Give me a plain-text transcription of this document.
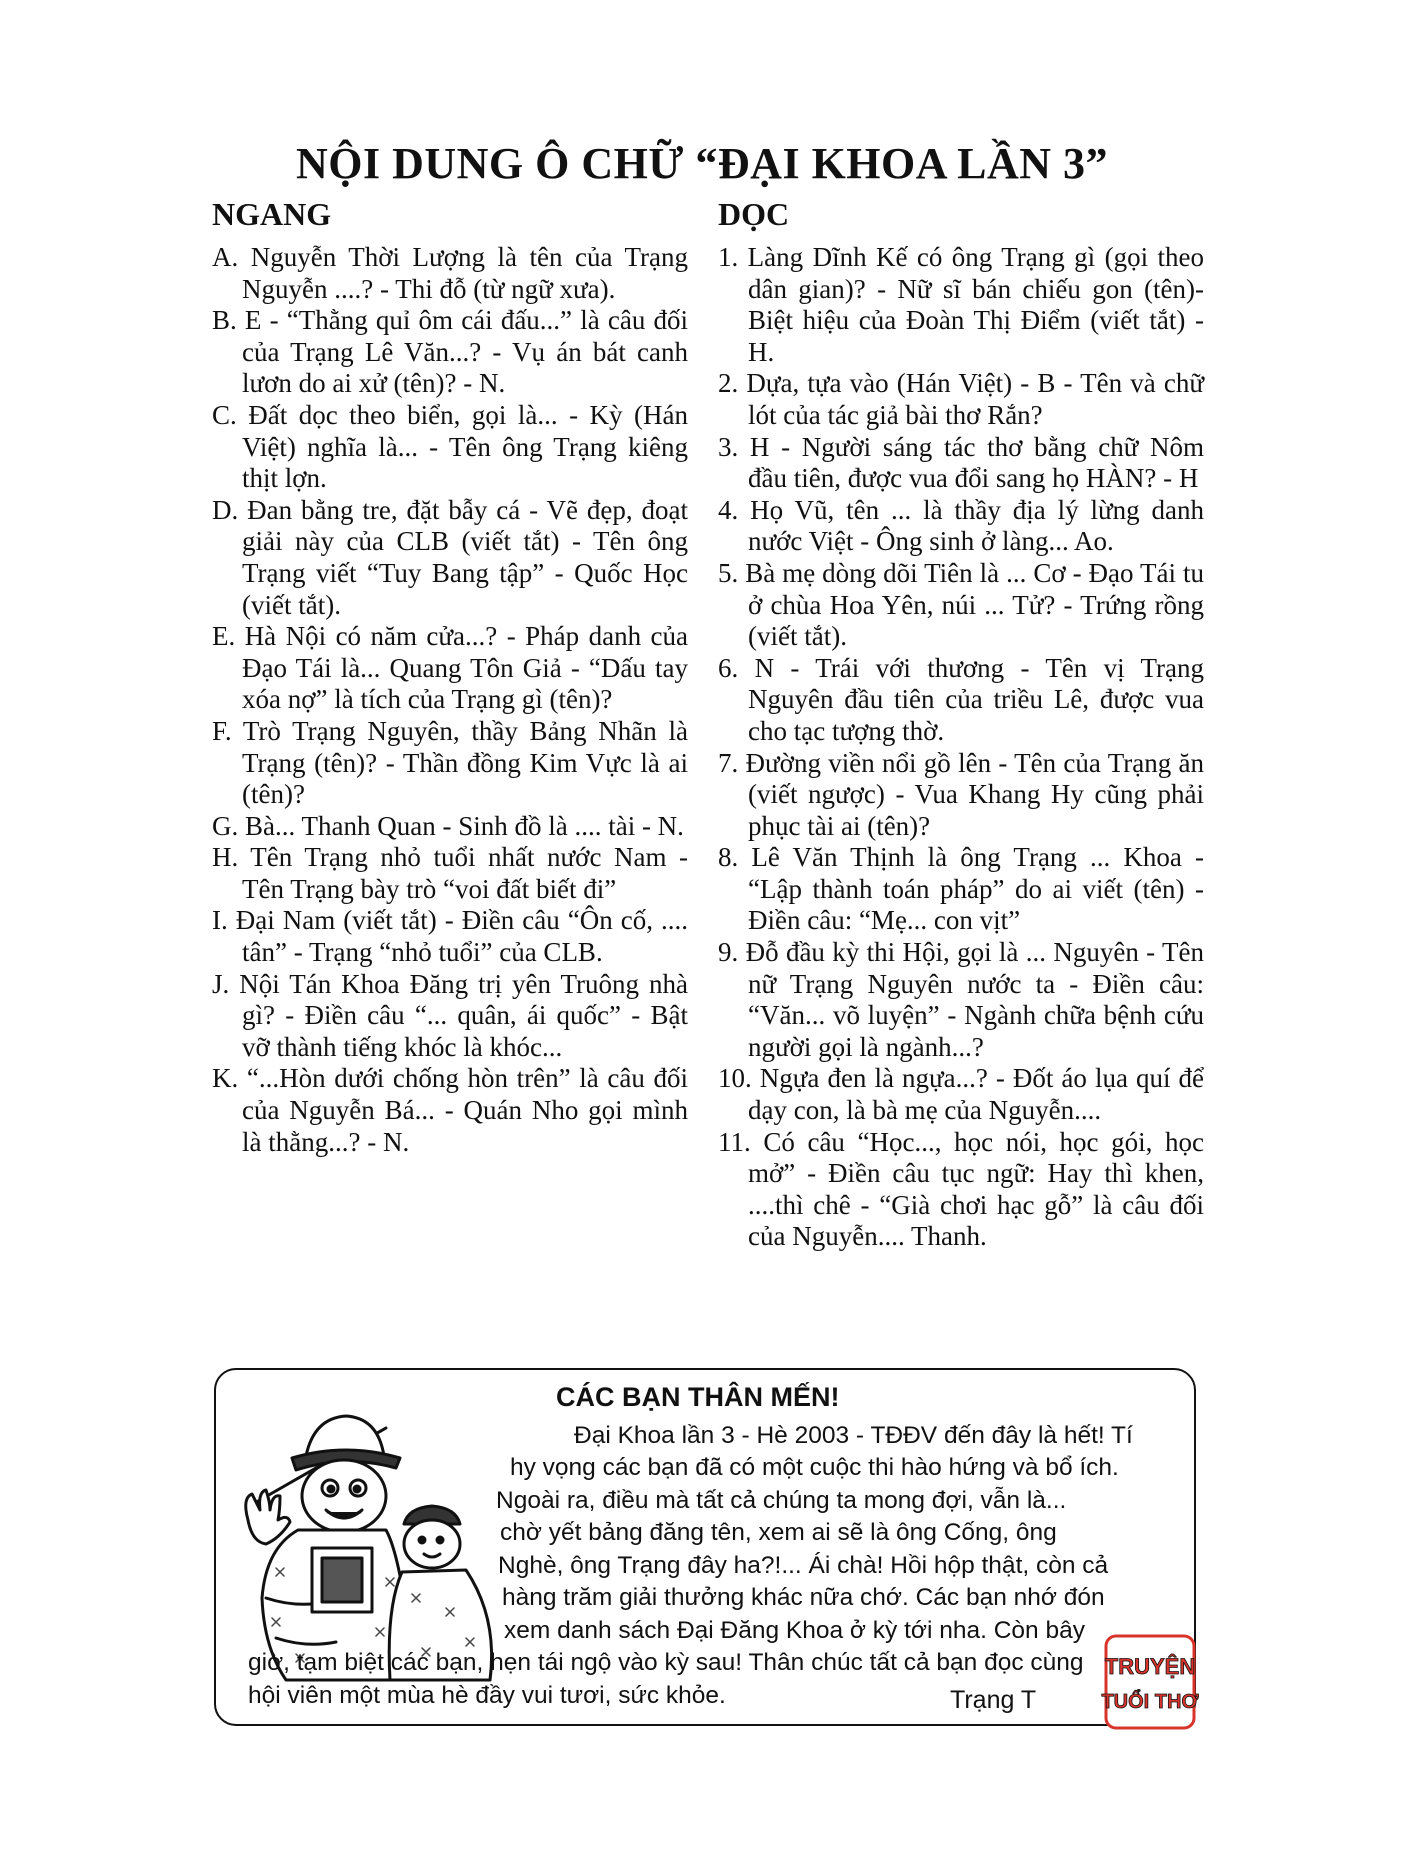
NỘI DUNG Ô CHỮ “ĐẠI KHOA LẦN 3”
NGANG	DỌC
A. Nguyễn Thời Lượng là tên của Trạng Nguyễn ....? - Thi đỗ (từ ngữ xưa).
B. E - “Thằng quỉ ôm cái đấu...” là câu đối của Trạng Lê Văn...? - Vụ án bát canh lươn do ai xử (tên)? - N.
C. Đất dọc theo biển, gọi là... - Kỳ (Hán Việt) nghĩa là... - Tên ông Trạng kiêng thịt lợn.
D. Đan bằng tre, đặt bẫy cá - Vẽ đẹp, đoạt giải này của CLB (viết tắt) - Tên ông Trạng viết “Tuy Bang tập” - Quốc Học (viết tắt).
E. Hà Nội có năm cửa...? - Pháp danh của Đạo Tái là... Quang Tôn Giả - “Dấu tay xóa nợ” là tích của Trạng gì (tên)?
F. Trò Trạng Nguyên, thầy Bảng Nhãn là Trạng (tên)? - Thần đồng Kim Vực là ai (tên)?
G. Bà... Thanh Quan - Sinh đồ là .... tài - N.
H. Tên Trạng nhỏ tuổi nhất nước Nam - Tên Trạng bày trò “voi đất biết đi”
I. Đại Nam (viết tắt) - Điền câu “Ôn cố, .... tân” - Trạng “nhỏ tuổi” của CLB.
J. Nội Tán Khoa Đăng trị yên Truông nhà gì? - Điền câu “... quân, ái quốc” - Bật vỡ thành tiếng khóc là khóc...
K. “...Hòn dưới chống hòn trên” là câu đối của Nguyễn Bá... - Quán Nho gọi mình là thằng...? - N.
1. Làng Dĩnh Kế có ông Trạng gì (gọi theo dân gian)? - Nữ sĩ bán chiếu gon (tên)- Biệt hiệu của Đoàn Thị Điểm (viết tắt) - H.
2. Dựa, tựa vào (Hán Việt) - B - Tên và chữ lót của tác giả bài thơ Rắn?
3. H - Người sáng tác thơ bằng chữ Nôm đầu tiên, được vua đổi sang họ HÀN? - H
4. Họ Vũ, tên ... là thầy địa lý lừng danh nước Việt - Ông sinh ở làng... Ao.
5. Bà mẹ dòng dõi Tiên là ... Cơ - Đạo Tái tu ở chùa Hoa Yên, núi ... Tử? - Trứng rồng (viết tắt).
6. N - Trái với thương - Tên vị Trạng Nguyên đầu tiên của triều Lê, được vua cho tạc tượng thờ.
7. Đường viền nổi gồ lên - Tên của Trạng ăn (viết ngược) - Vua Khang Hy cũng phải phục tài ai (tên)?
8. Lê Văn Thịnh là ông Trạng ... Khoa - “Lập thành toán pháp” do ai viết (tên) - Điền câu: “Mẹ... con vịt”
9. Đỗ đầu kỳ thi Hội, gọi là ... Nguyên - Tên nữ Trạng Nguyên nước ta - Điền câu: “Văn... võ luyện” - Ngành chữa bệnh cứu người gọi là ngành...?
10. Ngựa đen là ngựa...? - Đốt áo lụa quí để dạy con, là bà mẹ của Nguyễn....
11. Có câu “Học..., học nói, học gói, học mở” - Điền câu tục ngữ: Hay thì khen, ....thì chê - “Già chơi hạc gỗ” là câu đối của Nguyễn.... Thanh.
CÁC BẠN THÂN MẾN!
Đại Khoa lần 3 - Hè 2003 - TĐĐV đến đây là hết! Tí
hy vọng các bạn đã có một cuộc thi hào hứng và bổ ích.
Ngoài ra, điều mà tất cả chúng ta mong đợi, vẫn là...
chờ yết bảng đăng tên, xem ai sẽ là ông Cống, ông
Nghè, ông Trạng đây ha?!... Ái chà! Hồi hộp thật, còn cả
hàng trăm giải thưởng khác nữa chớ. Các bạn nhớ đón
xem danh sách Đại Đăng Khoa ở kỳ tới nha. Còn bây
giờ, tạm biệt các bạn, hẹn tái ngộ vào kỳ sau! Thân chúc tất cả bạn đọc cùng
hội viên một mùa hè đầy vui tươi, sức khỏe.	Trạng T
TRUYỆN
TUỔI THƠ
